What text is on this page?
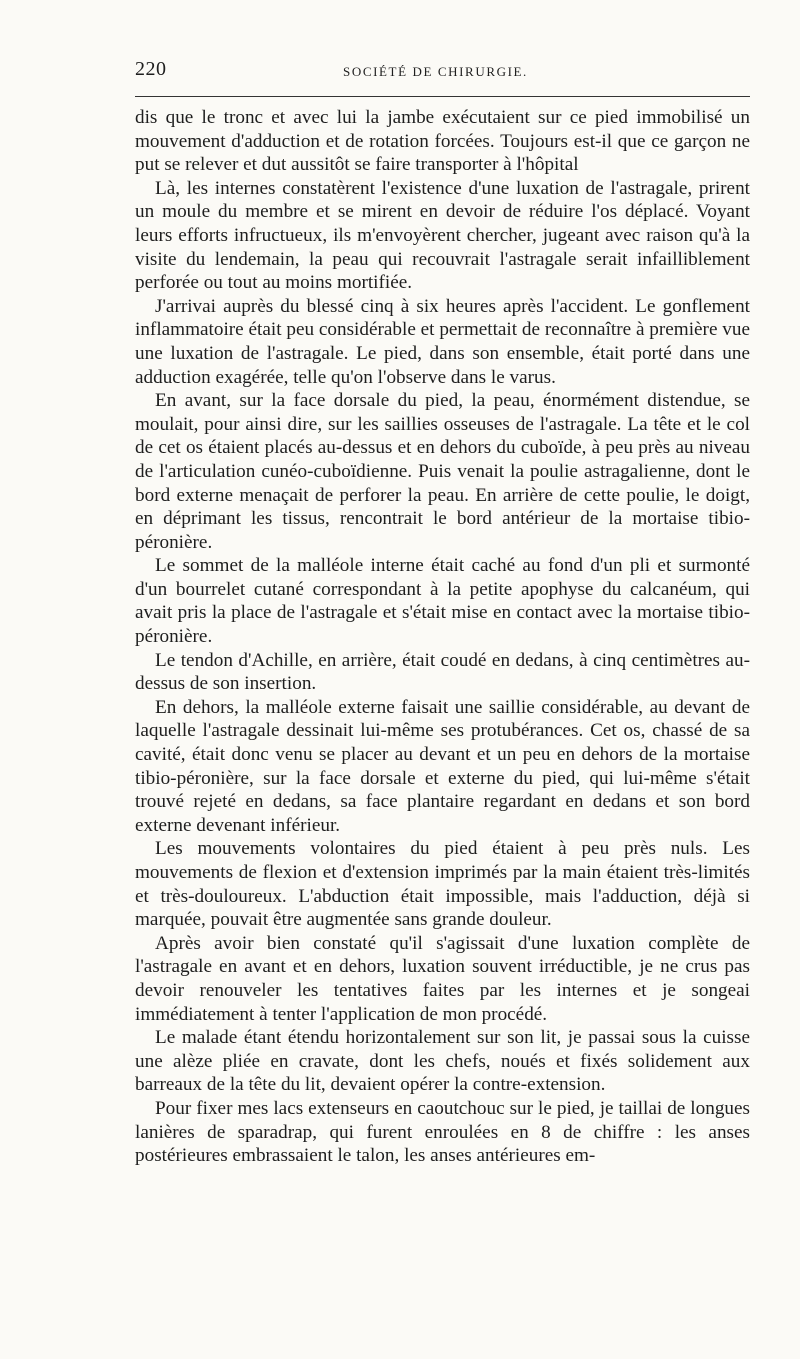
220	SOCIÉTÉ DE CHIRURGIE.

dis que le tronc et avec lui la jambe exécutaient sur ce pied immobilisé un mouvement d'adduction et de rotation forcées. Toujours est-il que ce garçon ne put se relever et dut aussitôt se faire transporter à l'hôpital

Là, les internes constatèrent l'existence d'une luxation de l'astragale, prirent un moule du membre et se mirent en devoir de réduire l'os déplacé. Voyant leurs efforts infructueux, ils m'envoyèrent chercher, jugeant avec raison qu'à la visite du lendemain, la peau qui recouvrait l'astragale serait infailliblement perforée ou tout au moins mortifiée.

J'arrivai auprès du blessé cinq à six heures après l'accident. Le gonflement inflammatoire était peu considérable et permettait de reconnaître à première vue une luxation de l'astragale. Le pied, dans son ensemble, était porté dans une adduction exagérée, telle qu'on l'observe dans le varus.

En avant, sur la face dorsale du pied, la peau, énormément distendue, se moulait, pour ainsi dire, sur les saillies osseuses de l'astragale. La tête et le col de cet os étaient placés au-dessus et en dehors du cuboïde, à peu près au niveau de l'articulation cunéo-cuboïdienne. Puis venait la poulie astragalienne, dont le bord externe menaçait de perforer la peau. En arrière de cette poulie, le doigt, en déprimant les tissus, rencontrait le bord antérieur de la mortaise tibio-péronière.

Le sommet de la malléole interne était caché au fond d'un pli et surmonté d'un bourrelet cutané correspondant à la petite apophyse du calcanéum, qui avait pris la place de l'astragale et s'était mise en contact avec la mortaise tibio-péronière.

Le tendon d'Achille, en arrière, était coudé en dedans, à cinq centimètres au-dessus de son insertion.

En dehors, la malléole externe faisait une saillie considérable, au devant de laquelle l'astragale dessinait lui-même ses protubérances. Cet os, chassé de sa cavité, était donc venu se placer au devant et un peu en dehors de la mortaise tibio-péronière, sur la face dorsale et externe du pied, qui lui-même s'était trouvé rejeté en dedans, sa face plantaire regardant en dedans et son bord externe devenant inférieur.

Les mouvements volontaires du pied étaient à peu près nuls. Les mouvements de flexion et d'extension imprimés par la main étaient très-limités et très-douloureux. L'abduction était impossible, mais l'adduction, déjà si marquée, pouvait être augmentée sans grande douleur.

Après avoir bien constaté qu'il s'agissait d'une luxation complète de l'astragale en avant et en dehors, luxation souvent irréductible, je ne crus pas devoir renouveler les tentatives faites par les internes et je songeai immédiatement à tenter l'application de mon procédé.

Le malade étant étendu horizontalement sur son lit, je passai sous la cuisse une alèze pliée en cravate, dont les chefs, noués et fixés solidement aux barreaux de la tête du lit, devaient opérer la contre-extension.

Pour fixer mes lacs extenseurs en caoutchouc sur le pied, je taillai de longues lanières de sparadrap, qui furent enroulées en 8 de chiffre : les anses postérieures embrassaient le talon, les anses antérieures em-
